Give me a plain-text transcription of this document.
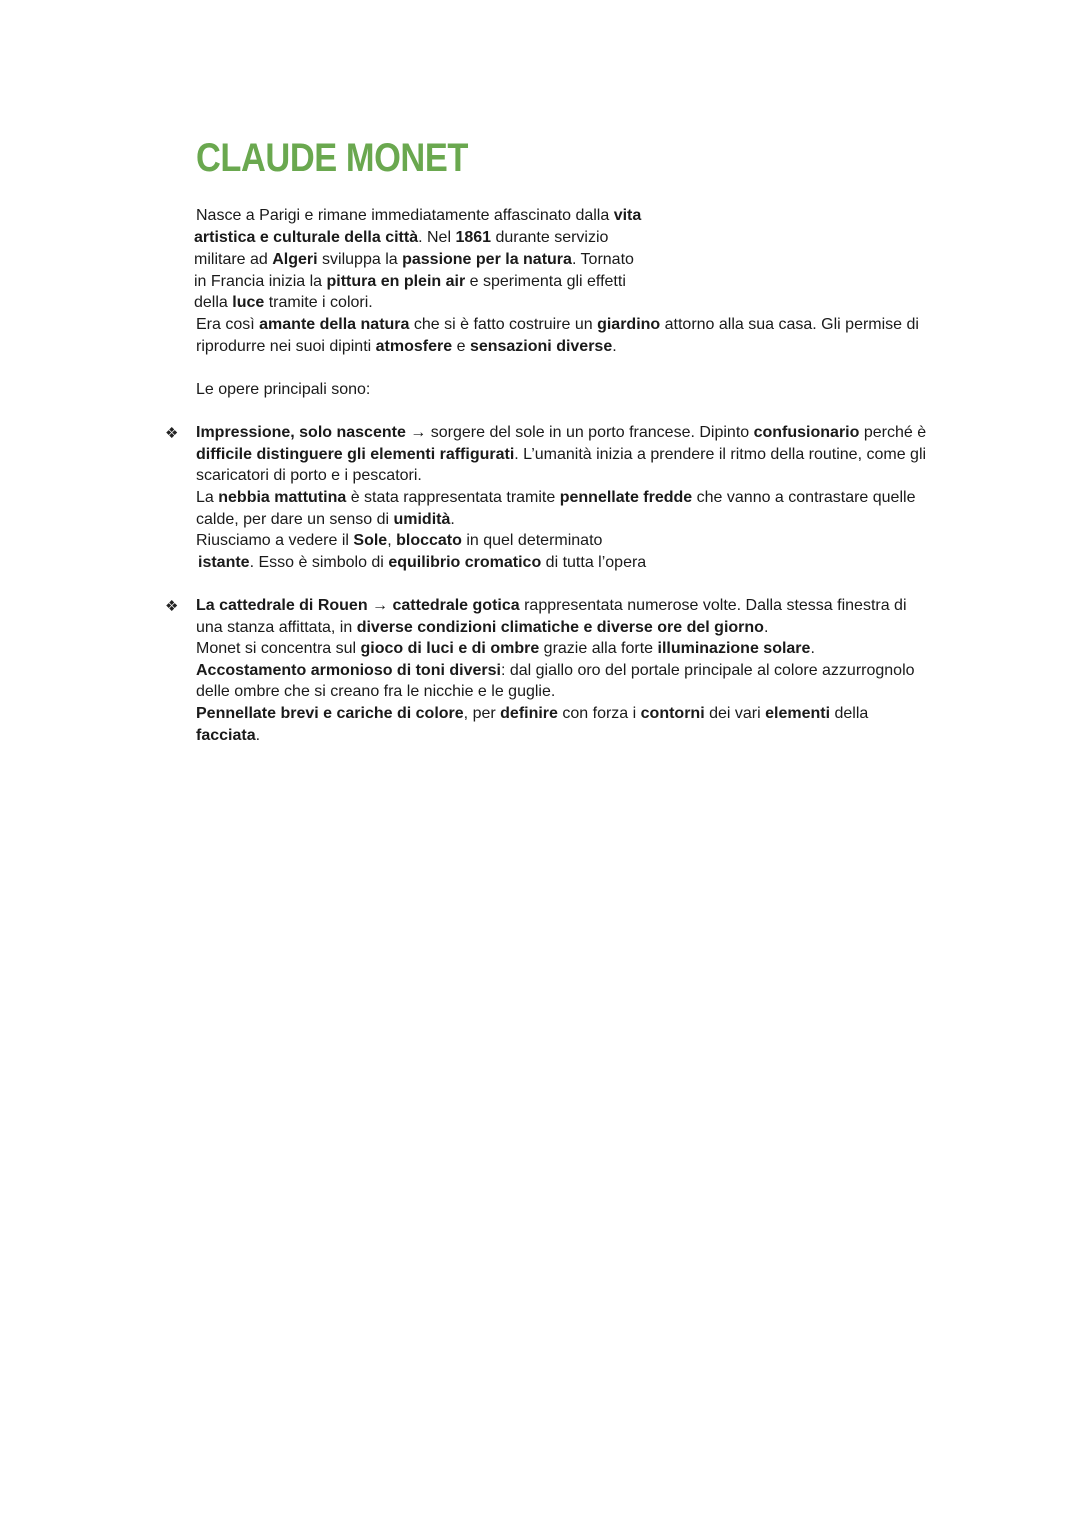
CLAUDE MONET
Nasce a Parigi e rimane immediatamente affascinato dalla vita
artistica e culturale della città. Nel 1861 durante servizio
militare ad Algeri sviluppa la passione per la natura. Tornato
in Francia inizia la pittura en plein air e sperimenta gli effetti
della luce tramite i colori.
Era così amante della natura che si è fatto costruire un giardino attorno alla sua casa. Gli permise di
riprodurre nei suoi dipinti atmosfere e sensazioni diverse.
Le opere principali sono:
❖ Impressione, solo nascente → sorgere del sole in un porto francese. Dipinto confusionario perché è
difficile distinguere gli elementi raffigurati. L’umanità inizia a prendere il ritmo della routine, come gli
scaricatori di porto e i pescatori.
La nebbia mattutina è stata rappresentata tramite pennellate fredde che vanno a contrastare quelle
calde, per dare un senso di umidità.
Riusciamo a vedere il Sole, bloccato in quel determinato
istante. Esso è simbolo di equilibrio cromatico di tutta l’opera
❖ La cattedrale di Rouen → cattedrale gotica rappresentata numerose volte. Dalla stessa finestra di
una stanza affittata, in diverse condizioni climatiche e diverse ore del giorno.
Monet si concentra sul gioco di luci e di ombre grazie alla forte illuminazione solare.
Accostamento armonioso di toni diversi: dal giallo oro del portale principale al colore azzurrognolo
delle ombre che si creano fra le nicchie e le guglie.
Pennellate brevi e cariche di colore, per definire con forza i contorni dei vari elementi della
facciata.
